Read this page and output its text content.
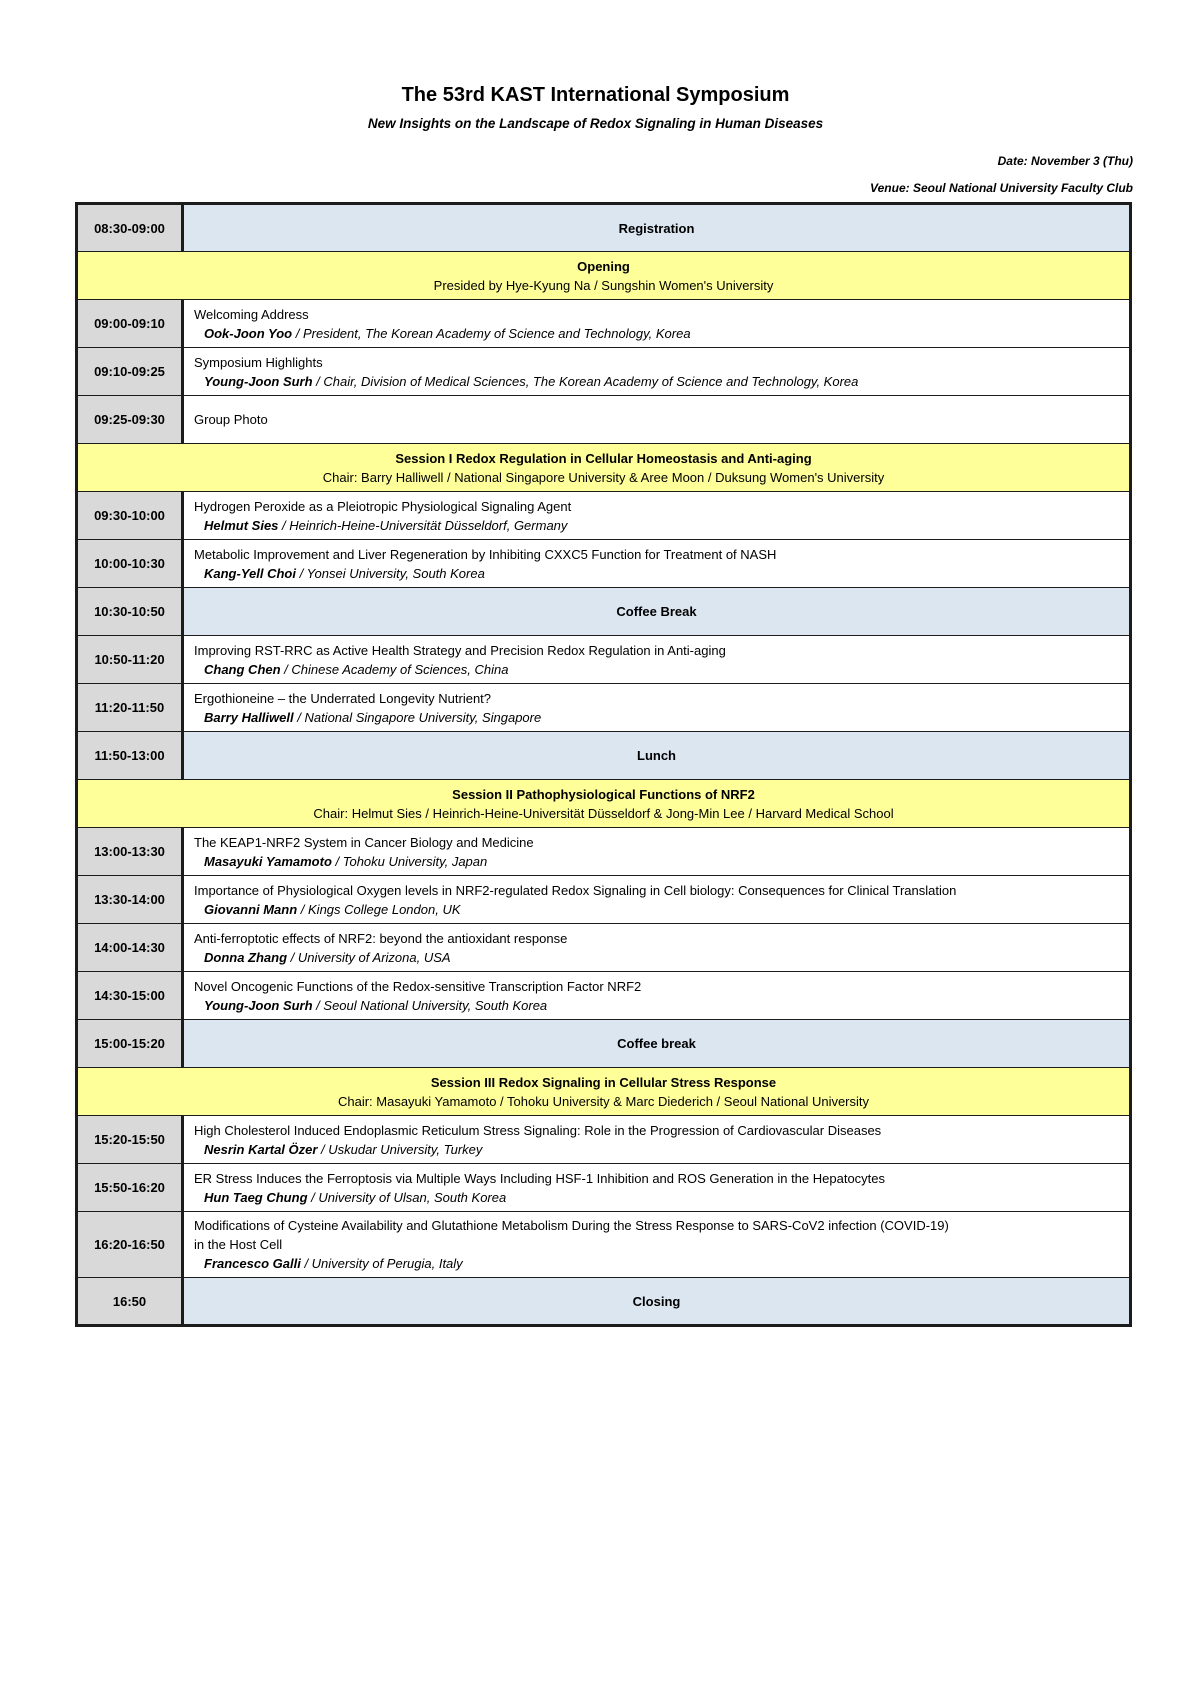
The 53rd KAST International Symposium
New Insights on the Landscape of Redox Signaling in Human Diseases
Date: November 3 (Thu)
Venue: Seoul National University Faculty Club
08:30-09:00	Registration

Opening
Presided by Hye-Kyung Na / Sungshin Women's University	
09:00-09:10	Welcoming Address
Ook-Joon Yoo / President, The Korean Academy of Science and Technology, Korea

09:10-09:25	Symposium Highlights
Young-Joon Surh / Chair, Division of Medical Sciences, The Korean Academy of Science and Technology, Korea

09:25-09:30	Group Photo

Session I Redox Regulation in Cellular Homeostasis and Anti-aging
Chair: Barry Halliwell / National Singapore University & Aree Moon / Duksung Women's University	
09:30-10:00	Hydrogen Peroxide as a Pleiotropic Physiological Signaling Agent
Helmut Sies / Heinrich-Heine-Universität Düsseldorf, Germany

10:00-10:30	Metabolic Improvement and Liver Regeneration by Inhibiting CXXC5 Function for Treatment of NASH
Kang-Yell Choi / Yonsei University, South Korea

10:30-10:50	Coffee Break
10:50-11:20	Improving RST-RRC as Active Health Strategy and Precision Redox Regulation in Anti-aging
Chang Chen / Chinese Academy of Sciences, China

11:20-11:50	Ergothioneine – the Underrated Longevity Nutrient?
Barry Halliwell / National Singapore University, Singapore

11:50-13:00	Lunch

Session II Pathophysiological Functions of NRF2
Chair: Helmut Sies / Heinrich-Heine-Universität Düsseldorf & Jong-Min Lee / Harvard Medical School	
13:00-13:30	The KEAP1-NRF2 System in Cancer Biology and Medicine
Masayuki Yamamoto / Tohoku University, Japan

13:30-14:00	Importance of Physiological Oxygen levels in NRF2-regulated Redox Signaling in Cell biology: Consequences for Clinical Translation
Giovanni Mann / Kings College London, UK

14:00-14:30	Anti-ferroptotic effects of NRF2: beyond the antioxidant response
Donna Zhang / University of Arizona, USA

14:30-15:00	Novel Oncogenic Functions of the Redox-sensitive Transcription Factor NRF2
Young-Joon Surh / Seoul National University, South Korea

15:00-15:20	Coffee break

Session III Redox Signaling in Cellular Stress Response
Chair: Masayuki Yamamoto / Tohoku University & Marc Diederich / Seoul National University	
15:20-15:50	High Cholesterol Induced Endoplasmic Reticulum Stress Signaling: Role in the Progression of Cardiovascular Diseases
Nesrin Kartal Özer / Uskudar University, Turkey

15:50-16:20	ER Stress Induces the Ferroptosis via Multiple Ways Including HSF-1 Inhibition and ROS Generation in the Hepatocytes
Hun Taeg Chung / University of Ulsan, South Korea

16:20-16:50	Modifications of Cysteine Availability and Glutathione Metabolism During the Stress Response to SARS-CoV2 infection (COVID-19)
in the Host Cell
Francesco Galli / University of Perugia, Italy

16:50	Closing
